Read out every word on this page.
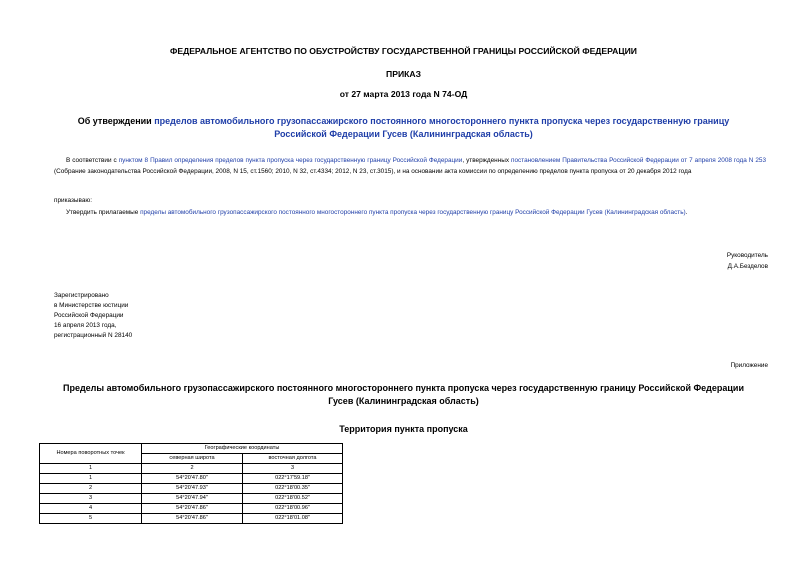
ФЕДЕРАЛЬНОЕ АГЕНТСТВО ПО ОБУСТРОЙСТВУ ГОСУДАРСТВЕННОЙ ГРАНИЦЫ РОССИЙСКОЙ ФЕДЕРАЦИИ
ПРИКАЗ
от 27 марта 2013 года N 74-ОД
Об утверждении пределов автомобильного грузопассажирского постоянного многостороннего пункта пропуска через государственную границу Российской Федерации Гусев (Калининградская область)
В соответствии с пунктом 8 Правил определения пределов пункта пропуска через государственную границу Российской Федерации, утвержденных постановлением Правительства Российской Федерации от 7 апреля 2008 года N 253 (Собрание законодательства Российской Федерации, 2008, N 15, ст.1560; 2010, N 32, ст.4334; 2012, N 23, ст.3015), и на основании акта комиссии по определению пределов пункта пропуска от 20 декабря 2012 года
приказываю:
Утвердить прилагаемые пределы автомобильного грузопассажирского постоянного многостороннего пункта пропуска через государственную границу Российской Федерации Гусев (Калининградская область).
Руководитель
Д.А.Безделов
Зарегистрировано
в Министерстве юстиции
Российской Федерации
16 апреля 2013 года,
регистрационный N 28140
Приложение
Пределы автомобильного грузопассажирского постоянного многостороннего пункта пропуска через государственную границу Российской Федерации Гусев (Калининградская область)
Территория пункта пропуска
Номера поворотных точек	Географические координаты	
	северная широта	восточная долгота
1	2	3
1	54°20'47.80"	022°17'59.18"
2	54°20'47.93"	022°18'00.35"
3	54°20'47.94"	022°18'00.52"
4	54°20'47.86"	022°18'00.96"
5	54°20'47.86"	022°18'01.08"
